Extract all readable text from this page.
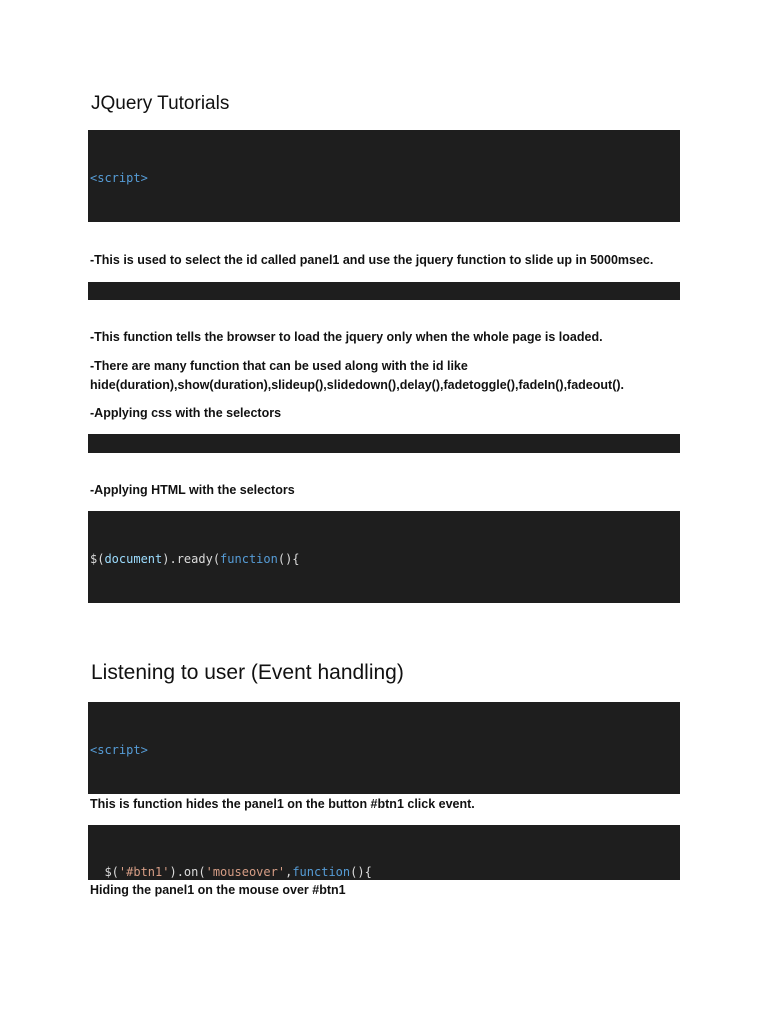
JQuery Tutorials

<script>

-This is used to select the id called panel1 and use the jquery function to slide up in 5000msec.

-This function tells the browser to load the jquery only when the whole page is loaded.
-There are many function that can be used along with the id like
hide(duration),show(duration),slideup(),slidedown(),delay(),fadetoggle(),fadeIn(),fadeout().
-Applying css with the selectors

-Applying HTML with the selectors

$(document).ready(function(){

Listening to user (Event handling)

<script>

This is function hides the panel1 on the button #btn1 click event.

$('#btn1').on('mouseover',function(){

Hiding the panel1 on the mouse over #btn1
